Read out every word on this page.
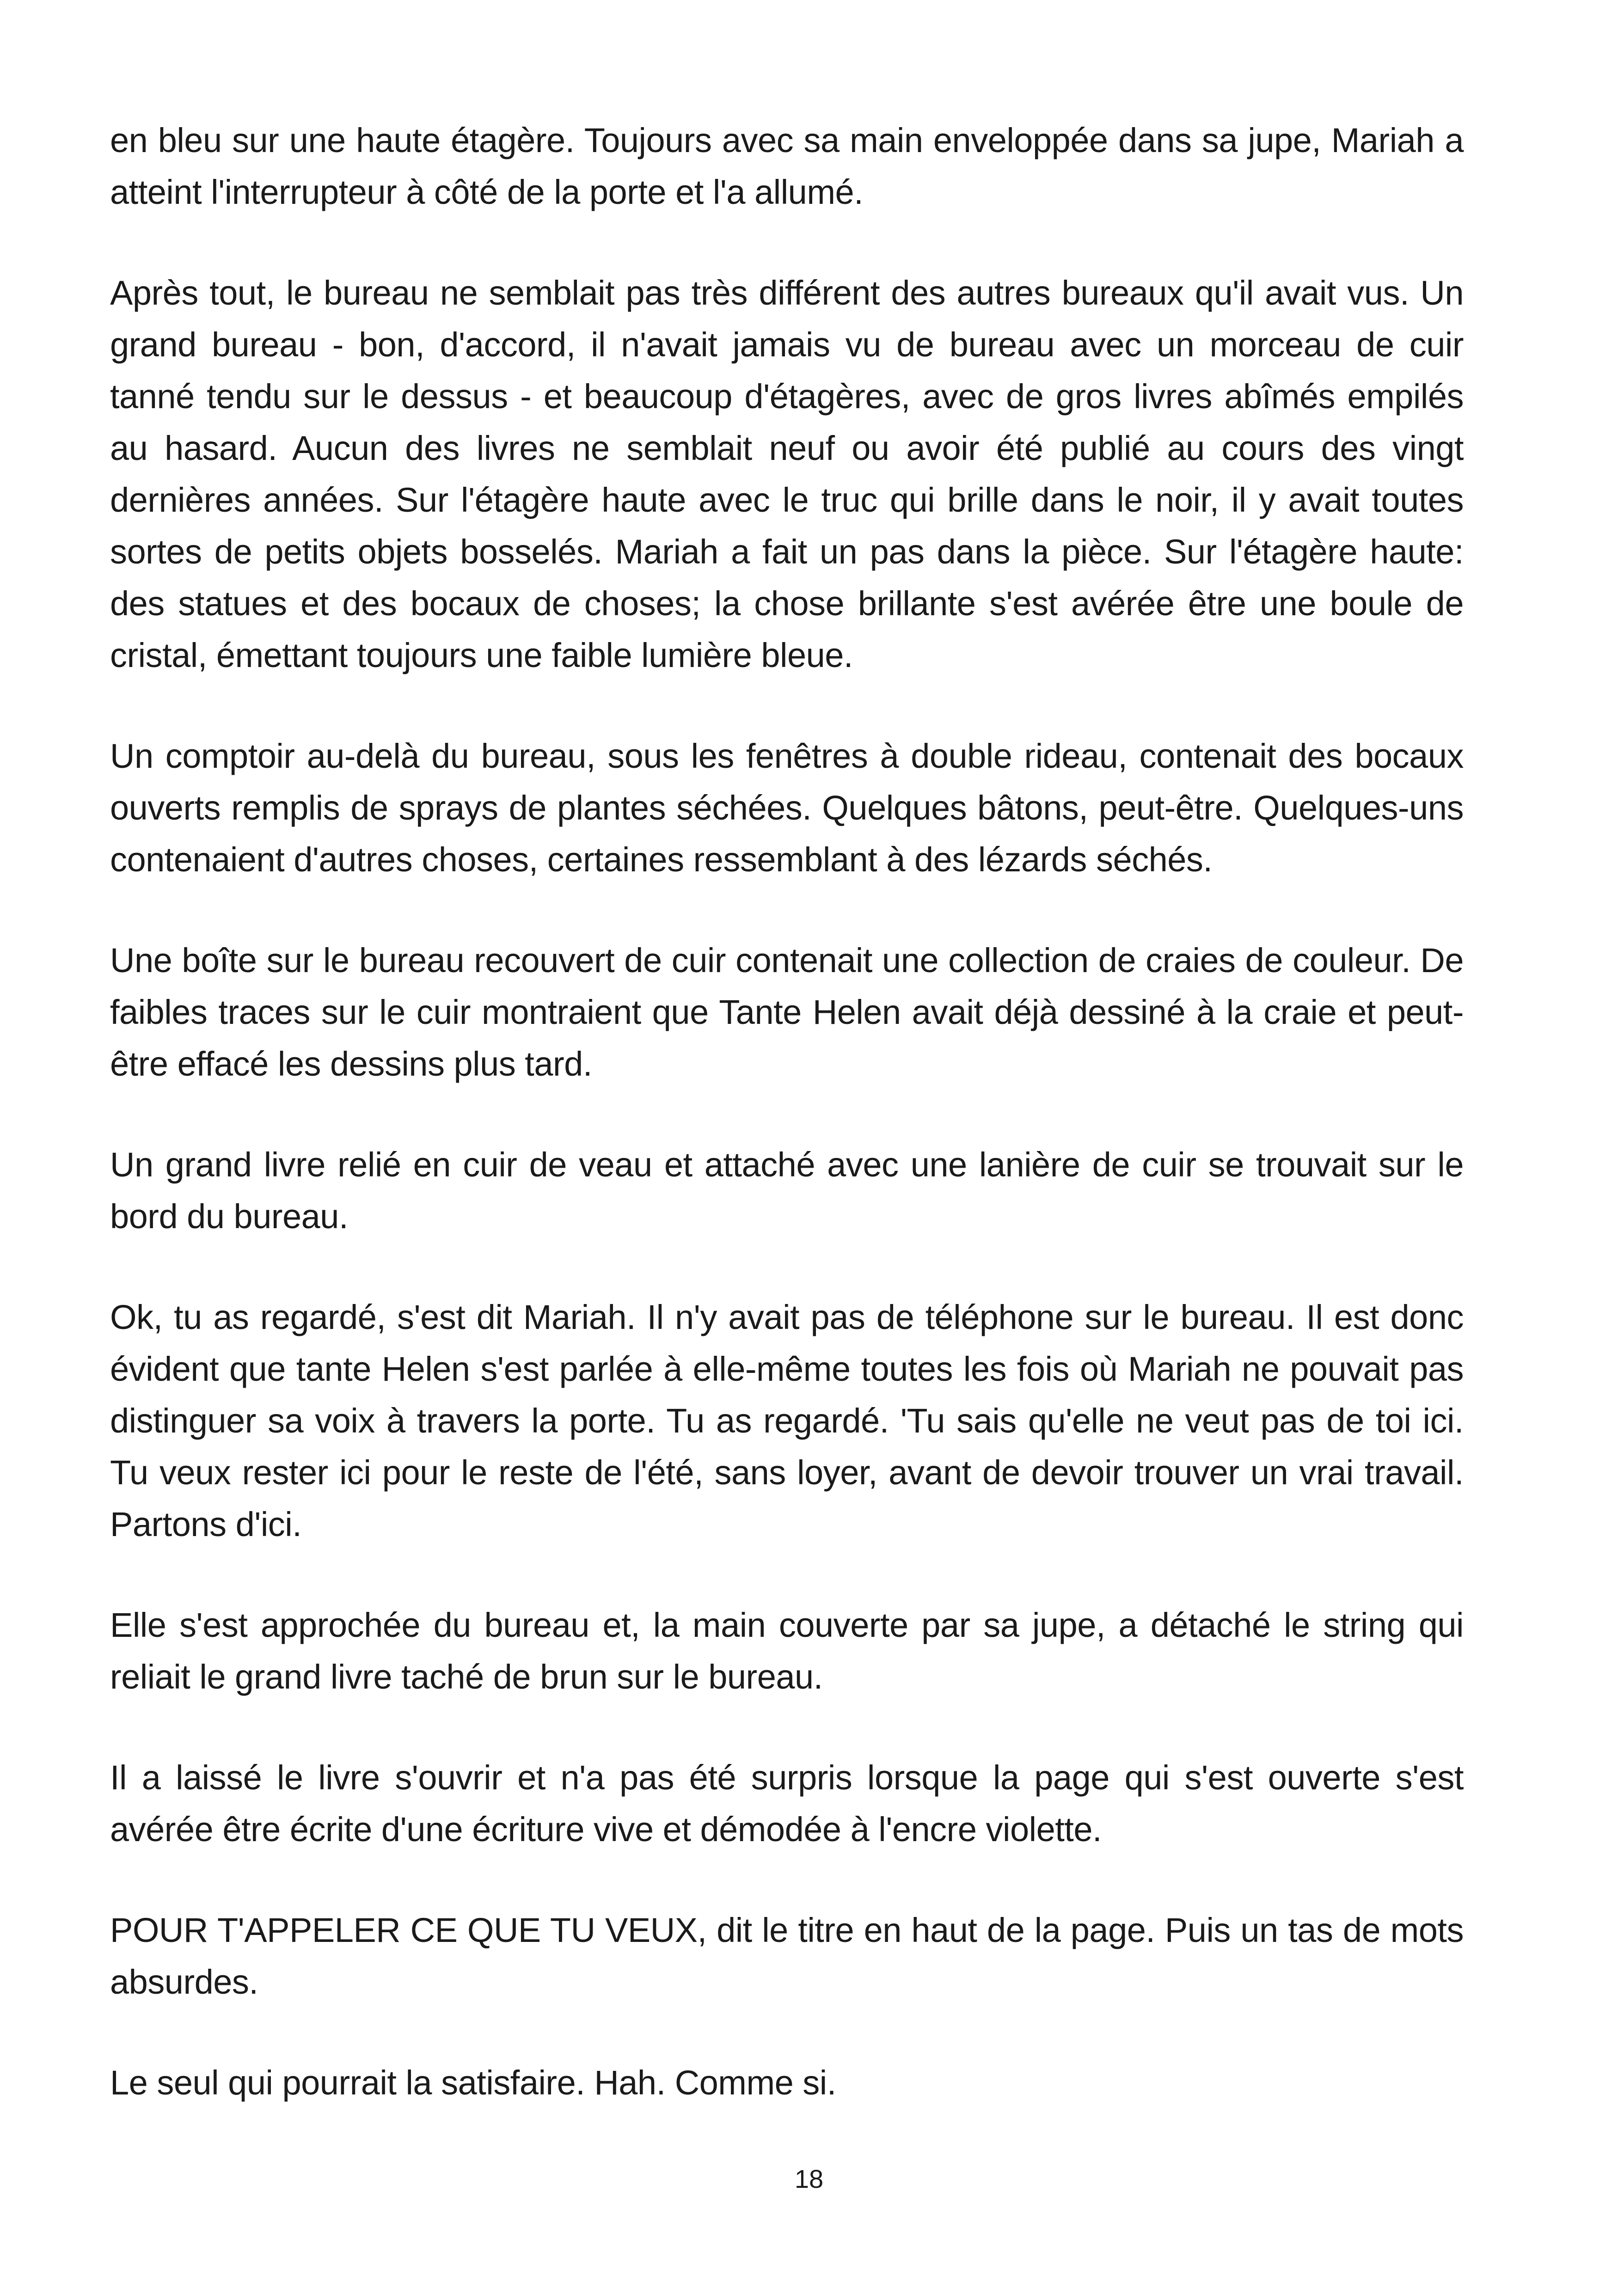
en bleu sur une haute étagère. Toujours avec sa main enveloppée dans sa jupe, Mariah a atteint l'interrupteur à côté de la porte et l'a allumé.

Après tout, le bureau ne semblait pas très différent des autres bureaux qu'il avait vus. Un grand bureau - bon, d'accord, il n'avait jamais vu de bureau avec un morceau de cuir tanné tendu sur le dessus - et beaucoup d'étagères, avec de gros livres abîmés empilés au hasard. Aucun des livres ne semblait neuf ou avoir été publié au cours des vingt dernières années. Sur l'étagère haute avec le truc qui brille dans le noir, il y avait toutes sortes de petits objets bosselés. Mariah a fait un pas dans la pièce. Sur l'étagère haute: des statues et des bocaux de choses; la chose brillante s'est avérée être une boule de cristal, émettant toujours une faible lumière bleue.

Un comptoir au-delà du bureau, sous les fenêtres à double rideau, contenait des bocaux ouverts remplis de sprays de plantes séchées. Quelques bâtons, peut-être. Quelques-uns contenaient d'autres choses, certaines ressemblant à des lézards séchés.

Une boîte sur le bureau recouvert de cuir contenait une collection de craies de couleur. De faibles traces sur le cuir montraient que Tante Helen avait déjà dessiné à la craie et peut-être effacé les dessins plus tard.

Un grand livre relié en cuir de veau et attaché avec une lanière de cuir se trouvait sur le bord du bureau.

Ok, tu as regardé, s'est dit Mariah. Il n'y avait pas de téléphone sur le bureau. Il est donc évident que tante Helen s'est parlée à elle-même toutes les fois où Mariah ne pouvait pas distinguer sa voix à travers la porte. Tu as regardé. 'Tu sais qu'elle ne veut pas de toi ici. Tu veux rester ici pour le reste de l'été, sans loyer, avant de devoir trouver un vrai travail. Partons d'ici.

Elle s'est approchée du bureau et, la main couverte par sa jupe, a détaché le string qui reliait le grand livre taché de brun sur le bureau.

Il a laissé le livre s'ouvrir et n'a pas été surpris lorsque la page qui s'est ouverte s'est avérée être écrite d'une écriture vive et démodée à l'encre violette.

POUR T'APPELER CE QUE TU VEUX, dit le titre en haut de la page. Puis un tas de mots absurdes.

Le seul qui pourrait la satisfaire. Hah. Comme si.

18
